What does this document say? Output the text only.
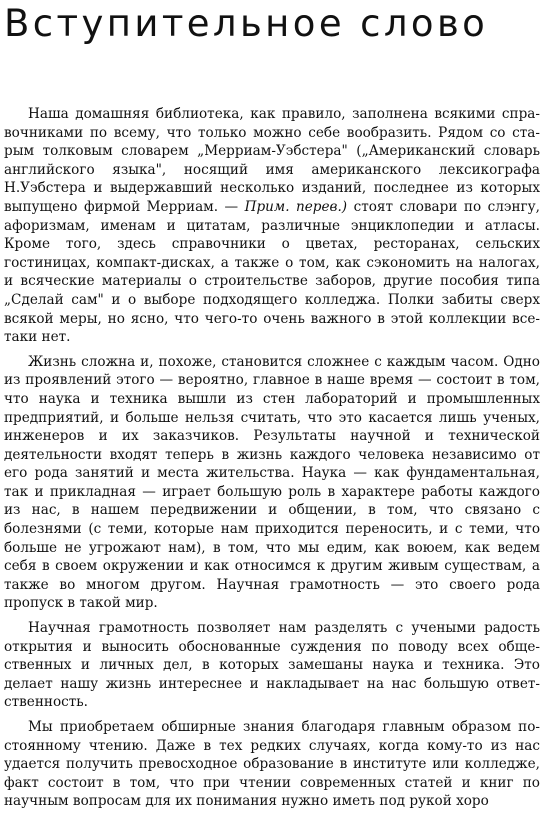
Вступительное слово

Наша домашняя библиотека, как правило, заполнена всякими справочниками по всему, что только можно себе вообразить. Рядом со старым толковым словарем „Мерриам-Уэбстера" („Американский словарь английского языка", носящий имя американского лексикографа Н.Уэбстера и выдержавший несколько изданий, последнее из которых выпущено фирмой Мерриам. — Прим. перев.) стоят словари по слэнгу, афоризмам, именам и цитатам, различные энциклопедии и атласы. Кроме того, здесь справочники о цветах, ресторанах, сельских гостиницах, компакт-дисках, а также о том, как сэкономить на налогах, и всяческие материалы о строительстве заборов, другие пособия типа „Сделай сам" и о выборе подходящего колледжа. Полки забиты сверх всякой меры, но ясно, что чего-то очень важного в этой коллекции все-таки нет.

Жизнь сложна и, похоже, становится сложнее с каждым часом. Одно из проявлений этого — вероятно, главное в наше время — состоит в том, что наука и техника вышли из стен лабораторий и промышленных предприятий, и больше нельзя считать, что это касается лишь ученых, инженеров и их заказчиков. Результаты научной и технической деятельности входят теперь в жизнь каждого человека независимо от его рода занятий и места жительства. Наука — как фундаментальная, так и прикладная — играет большую роль в характере работы каждого из нас, в нашем передвижении и общении, в том, что связано с болезнями (с теми, которые нам приходится переносить, и с теми, что больше не угрожают нам), в том, что мы едим, как воюем, как ведем себя в своем окружении и как относимся к другим живым существам, а также во многом другом. Научная грамотность — это своего рода пропуск в такой мир.

Научная грамотность позволяет нам разделять с учеными радость открытия и выносить обоснованные суждения по поводу всех общественных и личных дел, в которых замешаны наука и техника. Это делает нашу жизнь интереснее и накладывает на нас большую ответственность.

Мы приобретаем обширные знания благодаря главным образом постоянному чтению. Даже в тех редких случаях, когда кому-то из нас удается получить превосходное образование в институте или колледже, факт состоит в том, что при чтении современных статей и книг по научным вопросам для их понимания нужно иметь под рукой хоро
